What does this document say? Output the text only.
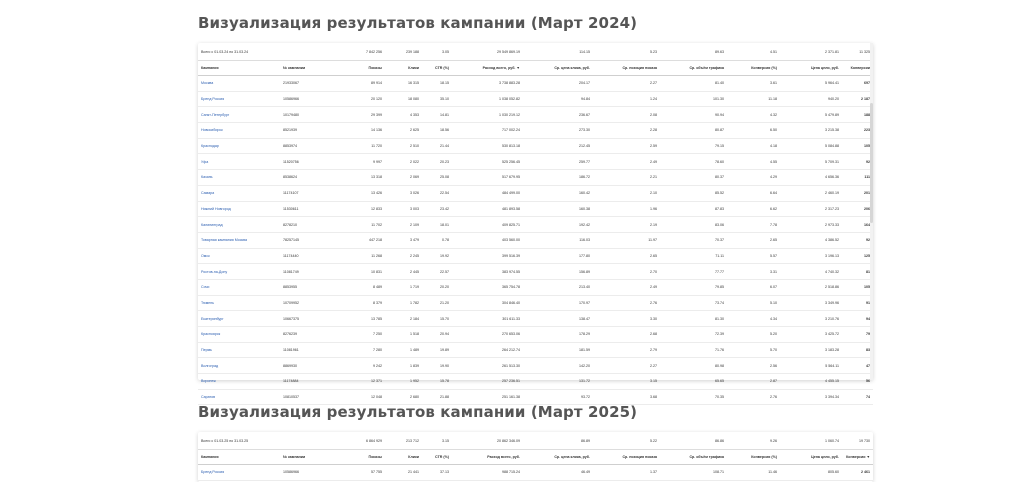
Визуализация результатов кампании (Март 2024)
Всего с 01.03.24 по 31.03.24		7 842 256	239 188	3.05	29 549 869.19	114.15	5.23	89.63	4.51	2 371.81	11 325
Кампания	№ кампании	Показы	Клики	CTR (%)	Расход всего, руб. ▼	Ср. цена клика, руб.	Ср. позиция показа	Ср. объём трафика	Конверсия (%)	Цена цели, руб.	Конверсии
Москва	21933067	89 914	16 315	18.15	3 738 883.28	204.17	2.27	81.40	3.61	5 964.41	697
Бренд Россия	10586966	20 120	18 080	35.10	1 038 052.82	94.84	1.24	101.30	11.18	940.20	2 187
Санкт-Петербург	10179480	29 399	4 353	14.81	1 030 219.12	236.67	2.08	90.94	4.32	5 479.89	188
Новосибирск	8521939	14 136	2 625	18.56	717 002.24	273.30	2.28	80.87	6.50	3 215.38	223
Краснодар	8853974	11 720	2 510	21.44	530 813.18	212.45	2.59	79.15	4.18	5 084.88	105
Уфа	11520756	9 997	2 022	20.23	525 256.45	259.77	2.49	78.60	4.55	5 709.31	92
Казань	8538624	13 318	2 069	25.08	517 679.95	186.72	2.21	80.37	4.29	4 656.36	111
Самара	11174107	13 426	3 026	22.54	484 499.00	160.42	2.10	85.52	6.64	2 460.19	201
Нижний Новгород	11530611	12 833	3 003	23.42	481 893.58	160.38	1.96	87.83	6.62	2 317.23	206
Калининград	8278210	11 702	2 109	18.01	409 825.71	192.42	2.19	83.06	7.78	2 973.33	164
Товарная кампания Москва	78257145	447 218	3 479	0.78	403 560.00	116.03	11.97	70.37	2.65	4 386.52	92
Омск	11174440	11 268	2 245	19.92	399 516.39	177.80	2.65	71.11	5.57	3 196.13	125
Ростов-на-Дону	11081749	10 831	2 445	22.57	383 974.55	156.89	2.70	77.77	3.31	4 740.32	81
Сочи	8853955	8 489	1 719	20.20	365 754.78	213.40	2.49	79.85	6.07	2 518.86	105
Тюмень	10709952	8 379	1 782	21.20	304 846.40	170.97	2.76	73.74	5.10	3 349.96	91
Екатеринбург	10667375	13 785	2 184	15.70	301 611.33	138.47	3.30	81.30	4.34	3 210.76	94
Красноярск	8276239	7 250	1 518	20.94	270 653.06	178.29	2.68	72.39	5.20	3 425.72	79
Пермь	11081961	7 280	1 489	19.89	264 212.74	181.59	2.79	71.76	5.70	3 183.28	83
Волгоград	8869930	9 242	1 839	19.90	261 513.30	142.20	2.27	80.98	2.56	5 564.11	47
Воронеж	11174884	12 371	1 952	15.78	257 236.51	131.72	3.15	65.65	2.87	4 455.15	56
Саратов	10810537	12 048	2 680	21.88	251 161.38	93.72	3.68	70.35	2.76	3 394.34	74
Визуализация результатов кампании (Март 2025)
Всего с 01.03.25 по 31.03.25		6 864 929	213 712	3.15	20 862 346.09	86.89	5.22	86.86	9.26	1 060.74	19 730
Кампания	№ кампании	Показы	Клики	CTR (%)	Расход всего, руб.	Ср. цена клика, руб.	Ср. позиция показа	Ср. объём трафика	Конверсия (%)	Цена цели, руб.	Конверсии ▼
Бренд Россия	10586966	57 755	21 441	37.13	988 715.24	46.49	1.37	108.71	11.46	805.60	2 461
